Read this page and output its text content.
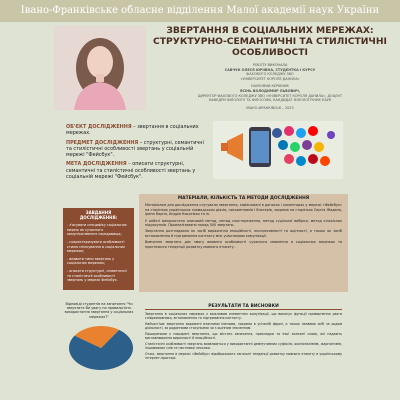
Івано-Франківське обласне відділення Малої академії наук України
ЗВЕРТАННЯ В СОЦІАЛЬНИХ МЕРЕЖАХ: СТРУКТУРНО-СЕМАНТИЧНІ ТА СТИЛІСТИЧНІ ОСОБЛИВОСТІ
РОБОТУ ВИКОНАЛА
САВЧУК ОЛЕСЯ ЮРІЇВНА, СТУДЕНТКА І КУРСУ
ФАХОВОГО КОЛЕДЖУ ЗВО
«УНІВЕРСИТЕТ КОРОЛЯ ДАНИЛА»
НАУКОВИЙ КЕРІВНИК
ЯСІНЬ ВОЛОДИМИР ЛЬВОВИЧ,
ДИРЕКТОР ФАХОВОГО КОЛЕДЖУ ЗВО «УНІВЕРСИТЕТ КОРОЛЯ ДАНИЛА», ДОЦЕНТ
КАФЕДРИ ФІЛОЛОГІЇ ТА ФІЛОСОФІЇ, КАНДИДАТ ФІЛОЛОГІЧНИХ НАУК
ІВАНО-ФРАНКІВСЬК – 2025

ОБ'ЄКТ ДОСЛІДЖЕННЯ – звертання в соціальних мережах.

ПРЕДМЕТ ДОСЛІДЖЕННЯ – структурні, семантичні та стилістичні особливості звертань у соціальній мережі "Фейсбук".

МЕТА ДОСЛІДЖЕННЯ – описати структурні, семантичні та стилістичні особливості звертань у соціальній мережі "Фейсбук".

ЗАВДАННЯ ДОСЛІДЖЕННЯ:

- з'ясувати специфіку соціальних мереж як сучасного комунікативного середовища;

- схарактеризувати особливості стилю спілкування в соціальних мережах;

- виявити типи звертань у соціальних мережах;

- описати структурні, семантичні та стилістичні особливості звертань у мережі Фейсбук.

МАТЕРІАЛИ, КІЛЬКІСТЬ ТА МЕТОДИ ДОСЛІДЖЕННЯ

Матеріалом для дослідження слугували звертання, зафіксовані в дописах і коментарях у мережі «Фейсбук» на сторінках українських громадських діячів, письменників і блогерів, зокрема на сторінках Сергія Жадана, Ірени Карпи, Андрія Кокотюхи та ін.

У роботі використано описовий метод, метод спостереження, метод суцільної вибірки, метод кількісних підрахунків. Проаналізовано понад 500 звертань.

Звертання розглядаємо як засіб вираження емоційності, експресивності та оцінності, а також як засіб встановлення й підтримання контакту між учасниками комунікації.

Вивчення звертань дає змогу виявити особливості сучасного мовлення в соціальних мережах та простежити тенденції розвитку мовного етикету.

Відповіді студентів на запитання "Чи звертаєте Ви увагу на правильність використання звертання у соціальних мережах?"
РЕЗУЛЬТАТИ ТА ВИСНОВКИ

Звертання в соціальних мережах є важливим елементом комунікації, що виконує функції привернення уваги співрозмовника, встановлення та підтримання контакту.

Найчастіше звертання виражені власними іменами, зокрема в усіченій формі, а також назвами осіб за родом діяльності, за родинними стосунками чи з оцінним значенням.

Поширеними є поширені звертання, що містять означення, прикладки та інші залежні слова, які надають висловлюванню виразності й емоційності.

Стилістичні особливості звертань виявляються у використанні демінутивних суфіксів, оказіоналізмів, жаргонізмів, іншомовних слів та пестливої лексики.

Отже, звертання в мережі «Фейсбук» відображають загальні тенденції розвитку мовного етикету в українському інтернет-просторі.
